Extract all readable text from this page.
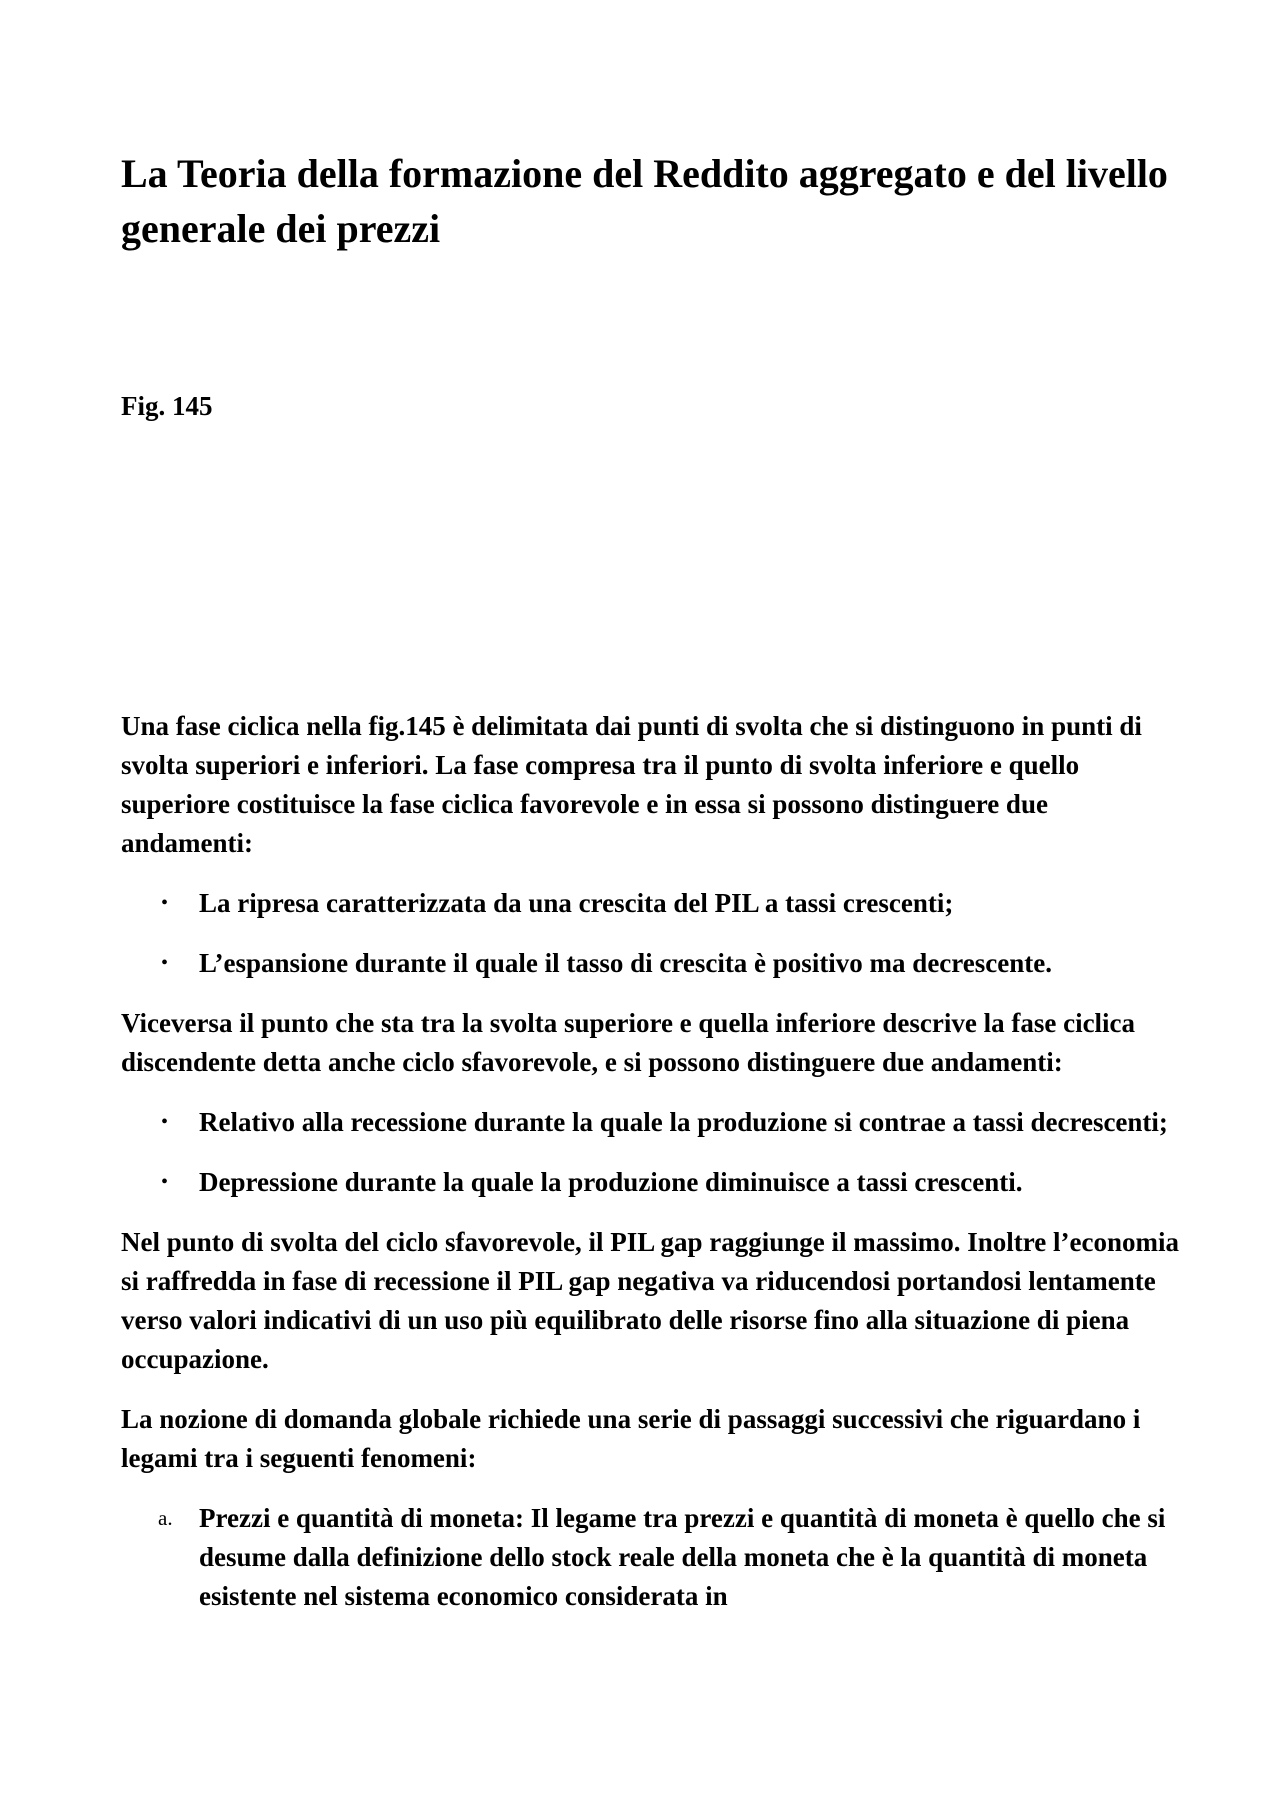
La Teoria della formazione del Reddito aggregato e del livello generale dei prezzi

Fig. 145

Una fase ciclica nella fig.145 è delimitata dai punti di svolta che si distinguono in punti di svolta superiori e inferiori. La fase compresa tra il punto di svolta inferiore e quello superiore costituisce la fase ciclica favorevole e in essa si possono distinguere due andamenti:

•	La ripresa caratterizzata da una crescita del PIL a tassi crescenti;
•	L’espansione durante il quale il tasso di crescita è positivo ma decrescente.

Viceversa il punto che sta tra la svolta superiore e quella inferiore descrive la fase ciclica discendente detta anche ciclo sfavorevole, e si possono distinguere due andamenti:

•	Relativo alla recessione durante la quale la produzione si contrae a tassi decrescenti;
•	Depressione durante la quale la produzione diminuisce a tassi crescenti.

Nel punto di svolta del ciclo sfavorevole, il PIL gap raggiunge il massimo. Inoltre l’economia si raffredda in fase di recessione il PIL gap negativa va riducendosi portandosi lentamente verso valori indicativi di un uso più equilibrato delle risorse fino alla situazione di piena occupazione.

La nozione di domanda globale richiede una serie di passaggi successivi che riguardano i legami tra i seguenti fenomeni:

a. Prezzi e quantità di moneta: Il legame tra prezzi e quantità di moneta è quello che si desume dalla definizione dello stock reale della moneta che è la quantità di moneta esistente nel sistema economico considerata in
